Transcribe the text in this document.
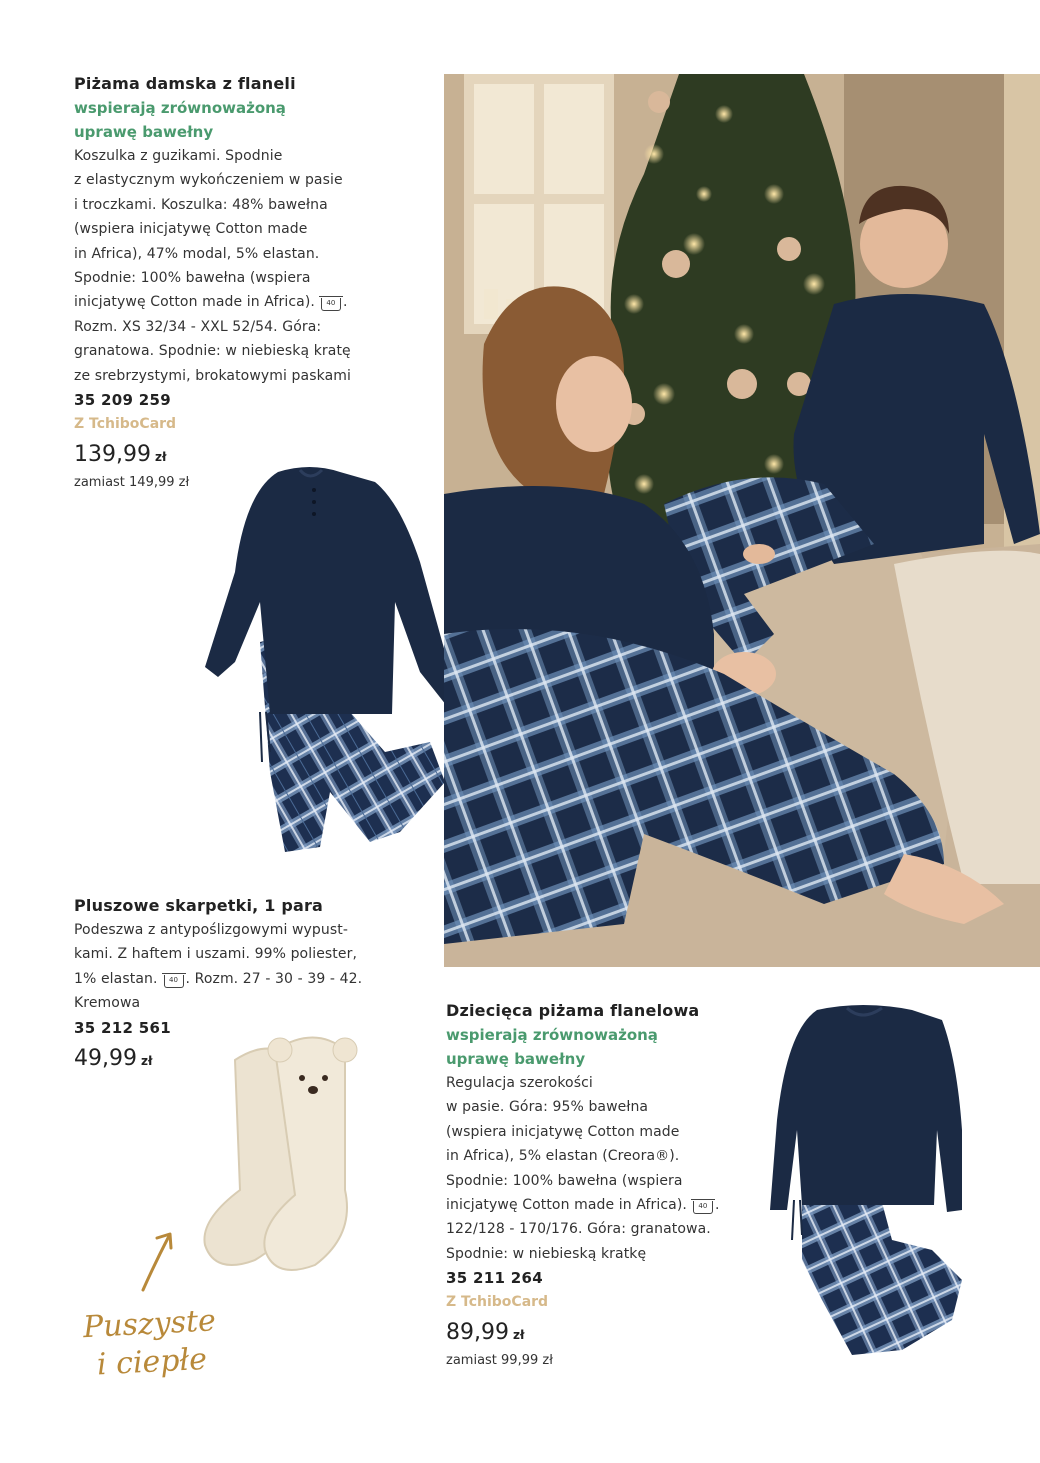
Piżama damska z flaneli
wspierają zrównoważoną
uprawę bawełny
Koszulka z guzikami. Spodnie
z elastycznym wykończeniem w pasie
i troczkami. Koszulka: 48% bawełna
(wspiera inicjatywę Cotton made
in Africa), 47% modal, 5% elastan.
Spodnie: 100% bawełna (wspiera
inicjatywę Cotton made in Africa). 40 .
Rozm. XS 32/34 - XXL 52/54. Góra:
granatowa. Spodnie: w niebieską kratę
ze srebrzystymi, brokatowymi paskami
35 209 259
Z TchiboCard
139,99 zł
zamiast 149,99 zł
Pluszowe skarpetki, 1 para
Podeszwa z antypoślizgowymi wypust-
kami. Z haftem i uszami. 99% poliester,
1% elastan. 40 . Rozm. 27 - 30 - 39 - 42.
Kremowa
35 212 561
49,99 zł
Puszyste
i ciepłe
Dziecięca piżama flanelowa
wspierają zrównoważoną
uprawę bawełny
Regulacja szerokości
w pasie. Góra: 95% bawełna
(wspiera inicjatywę Cotton made
in Africa), 5% elastan (Creora®).
Spodnie: 100% bawełna (wspiera
inicjatywę Cotton made in Africa). 40 .
122/128 - 170/176. Góra: granatowa.
Spodnie: w niebieską kratkę
35 211 264
Z TchiboCard
89,99 zł
zamiast 99,99 zł
